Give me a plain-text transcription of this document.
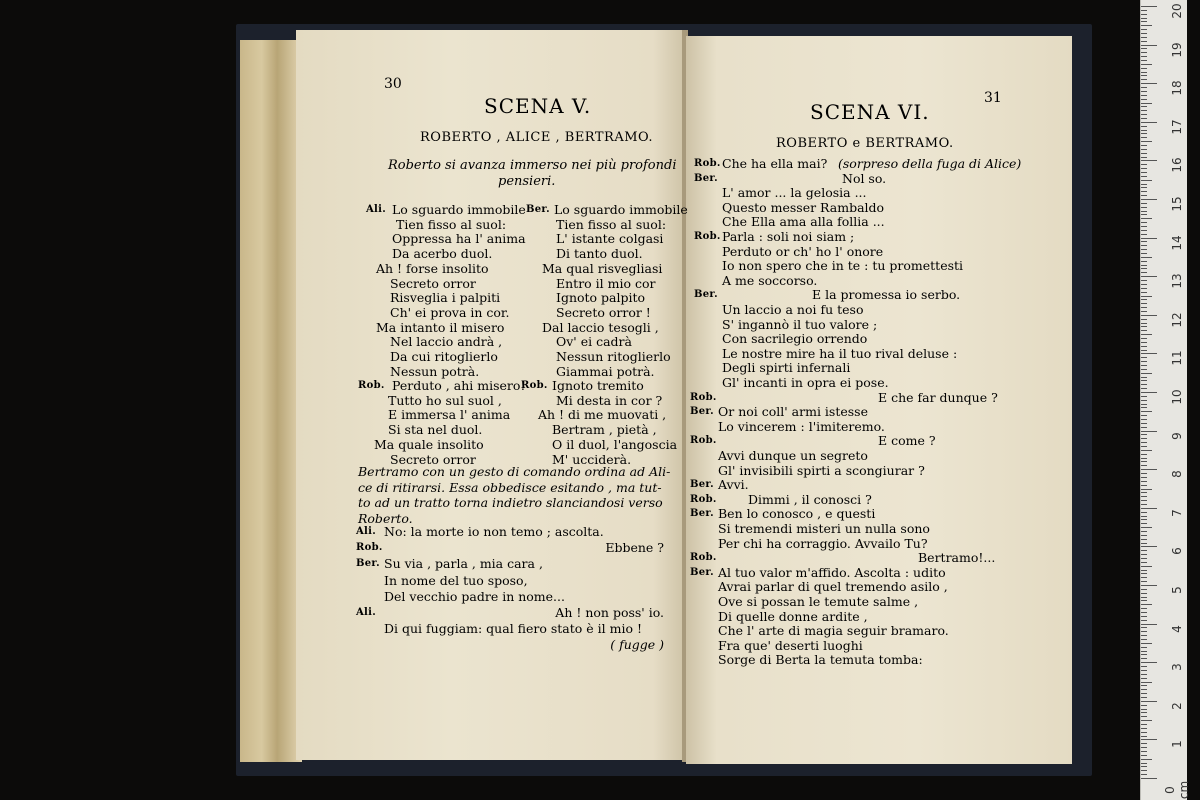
30
SCENA V.
ROBERTO , ALICE , BERTRAMO.
Roberto si avanza immerso nei più profondi
pensieri.
Ali.	Ber.
Lo sguardo immobile
Tien fisso al suol:
Oppressa ha l' anima
Da acerbo duol.
Ah ! forse insolito
Secreto orror
Risveglia i palpiti
Ch' ei prova in cor.
Ma intanto il misero
Nel laccio andrà ,
Da cui ritoglierlo
Nessun potrà.
Lo sguardo immobile
Tien fisso al suol:
L' istante colgasi
Di tanto duol.
Ma qual risvegliasi
Entro il mio cor
Ignoto palpito
Secreto orror !
Dal laccio tesogli ,
Ov' ei cadrà
Nessun ritoglierlo
Giammai potrà.
Rob.	Rob.
Perduto , ahi misero!
Tutto ho sul suol ,
E immersa l' anima
Si sta nel duol.
Ma quale insolito
Secreto orror
Ignoto tremito
Mi desta in cor ?
Ah ! di me muovati ,
Bertram , pietà ,
O il duol, l'angoscia
M' ucciderà.
Bertramo con un gesto di comando ordina ad Ali-
ce di ritirarsi. Essa obbedisce esitando , ma tut-
to ad un tratto torna indietro slanciandosi verso
Roberto.
Ali. No: la morte io non temo ; ascolta.
Rob.	Ebbene ?
Ber. Su via , parla , mia cara ,
In nome del tuo sposo,
Del vecchio padre in nome...
Ali.	Ah ! non poss' io.
Di qui fuggiam: qual fiero stato è il mio !
( fugge )
31
SCENA VI.
ROBERTO e BERTRAMO.
Rob. Che ha ella mai? (sorpreso della fuga di Alice)
Ber.	Nol so.
L' amor ... la gelosia ...
Questo messer Rambaldo
Che Ella ama alla follia ...
Rob. Parla : soli noi siam ;
Perduto or ch' ho l' onore
Io non spero che in te : tu promettesti
A me soccorso.
Ber.	E la promessa io serbo.
Un laccio a noi fu teso
S' ingannò il tuo valore ;
Con sacrilegio orrendo
Le nostre mire ha il tuo rival deluse :
Degli spirti infernali
Gl' incanti in opra ei pose.
Rob.	E che far dunque ?
Ber. Or noi coll' armi istesse
Lo vincerem : l'imiteremo.
Rob.	E come ?
Avvi dunque un segreto
Gl' invisibili spirti a scongiurar ?
Ber. Avvi.
Rob.	Dimmi , il conosci ?
Ber. Ben lo conosco , e questi
Si tremendi misteri un nulla sono
Per chi ha corraggio. Avvailo Tu?
Rob.	Bertramo!...
Ber. Al tuo valor m'affido. Ascolta : udito
Avrai parlar di quel tremendo asilo ,
Ove si possan le temute salme ,
Di quelle donne ardite ,
Che l' arte di magia seguir bramaro.
Fra que' deserti luoghi
Sorge di Berta la temuta tomba:
20
19
18
17
16
15
14
13
12
11
10
9
8
7
6
5
4
3
2
1
0 cm
